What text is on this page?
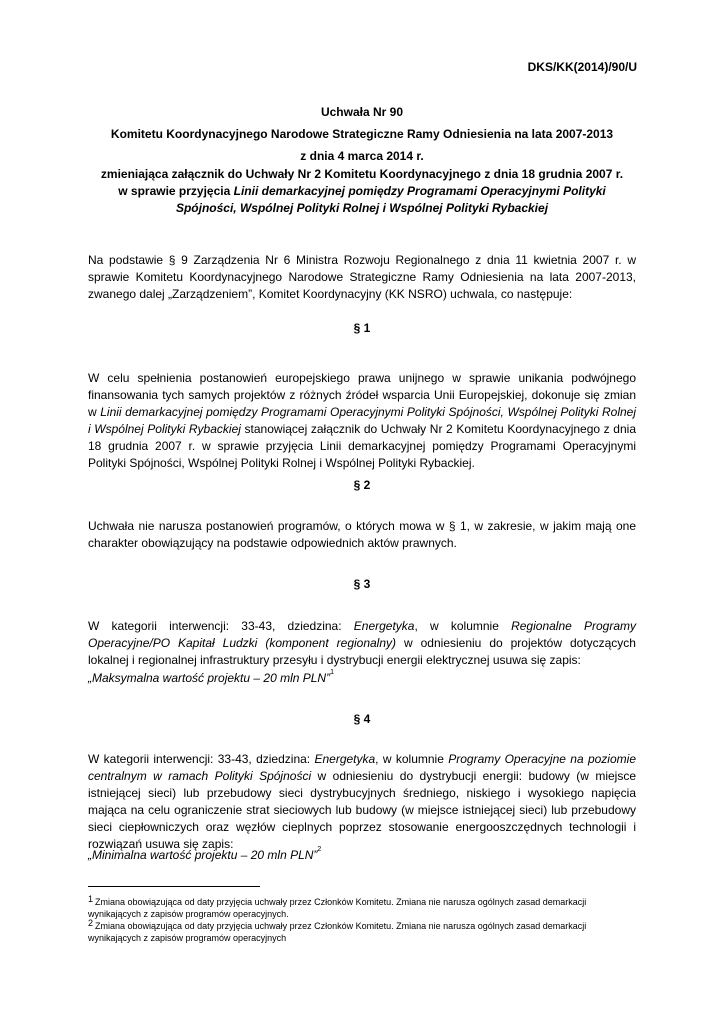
DKS/KK(2014)/90/U
Uchwała Nr 90
Komitetu Koordynacyjnego Narodowe Strategiczne Ramy Odniesienia na lata 2007-2013
z dnia 4 marca 2014 r.
zmieniająca załącznik do Uchwały Nr 2 Komitetu Koordynacyjnego z dnia 18 grudnia 2007 r.
w sprawie przyjęcia Linii demarkacyjnej pomiędzy Programami Operacyjnymi Polityki
Spójności, Wspólnej Polityki Rolnej i Wspólnej Polityki Rybackiej
Na podstawie § 9 Zarządzenia Nr 6 Ministra Rozwoju Regionalnego z dnia 11 kwietnia 2007 r. w sprawie Komitetu Koordynacyjnego Narodowe Strategiczne Ramy Odniesienia na lata 2007-2013, zwanego dalej „Zarządzeniem”, Komitet Koordynacyjny (KK NSRO) uchwala, co następuje:
§ 1
W celu spełnienia postanowień europejskiego prawa unijnego w sprawie unikania podwójnego finansowania tych samych projektów z różnych źródeł wsparcia Unii Europejskiej, dokonuje się zmian w Linii demarkacyjnej pomiędzy Programami Operacyjnymi Polityki Spójności, Wspólnej Polityki Rolnej i Wspólnej Polityki Rybackiej stanowiącej załącznik do Uchwały Nr 2 Komitetu Koordynacyjnego z dnia 18 grudnia 2007 r. w sprawie przyjęcia Linii demarkacyjnej pomiędzy Programami Operacyjnymi Polityki Spójności, Wspólnej Polityki Rolnej i Wspólnej Polityki Rybackiej.
§ 2
Uchwała nie narusza postanowień programów, o których mowa w § 1, w zakresie, w jakim mają one charakter obowiązujący na podstawie odpowiednich aktów prawnych.
§ 3
W kategorii interwencji: 33-43, dziedzina: Energetyka, w kolumnie Regionalne Programy Operacyjne/PO Kapitał Ludzki (komponent regionalny) w odniesieniu do projektów dotyczących lokalnej i regionalnej infrastruktury przesyłu i dystrybucji energii elektrycznej usuwa się zapis:
„Maksymalna wartość projektu – 20 mln PLN”$^1$
§ 4
W kategorii interwencji: 33-43, dziedzina: Energetyka, w kolumnie Programy Operacyjne na poziomie centralnym w ramach Polityki Spójności w odniesieniu do dystrybucji energii: budowy (w miejsce istniejącej sieci) lub przebudowy sieci dystrybucyjnych średniego, niskiego i wysokiego napięcia mająca na celu ograniczenie strat sieciowych lub budowy (w miejsce istniejącej sieci) lub przebudowy sieci ciepłowniczych oraz węzłów cieplnych poprzez stosowanie energooszczędnych technologii i rozwiązań usuwa się zapis:
„Minimalna wartość projektu – 20 mln PLN”$^2$
1 Zmiana obowiązująca od daty przyjęcia uchwały przez Członków Komitetu. Zmiana nie narusza ogólnych zasad demarkacji wynikających z zapisów programów operacyjnych.
2 Zmiana obowiązująca od daty przyjęcia uchwały przez Członków Komitetu. Zmiana nie narusza ogólnych zasad demarkacji wynikających z zapisów programów operacyjnych
